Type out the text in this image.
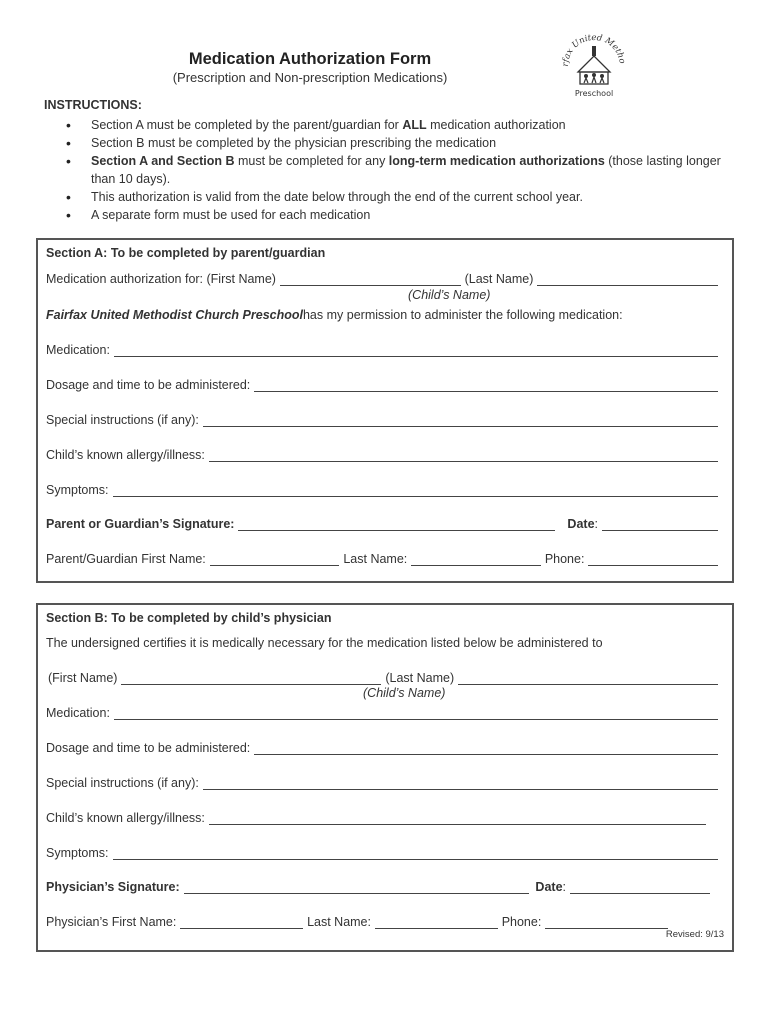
Medication Authorization Form
(Prescription and Non-prescription Medications)
rfax United Metho
Preschool
INSTRUCTIONS:
• Section A must be completed by the parent/guardian for ALL medication authorization
• Section B must be completed by the physician prescribing the medication
• Section A and Section B must be completed for any long-term medication authorizations (those lasting longer than 10 days).
• This authorization is valid from the date below through the end of the current school year.
• A separate form must be used for each medication
Section A: To be completed by parent/guardian
Medication authorization for: (First Name)	(Last Name)
(Child’s Name)
Fairfax United Methodist Church Preschool has my permission to administer the following medication:
Medication:
Dosage and time to be administered:
Special instructions (if any):
Child’s known allergy/illness:
Symptoms:
Parent or Guardian’s Signature:	Date:
Parent/Guardian First Name:	Last Name:	Phone:
Section B: To be completed by child’s physician
The undersigned certifies it is medically necessary for the medication listed below be administered to
(First Name)	(Last Name)
(Child’s Name)
Medication:
Dosage and time to be administered:
Special instructions (if any):
Child’s known allergy/illness:
Symptoms:
Physician’s Signature:	Date:
Physician’s First Name:	Last Name:	Phone:
Revised: 9/13
